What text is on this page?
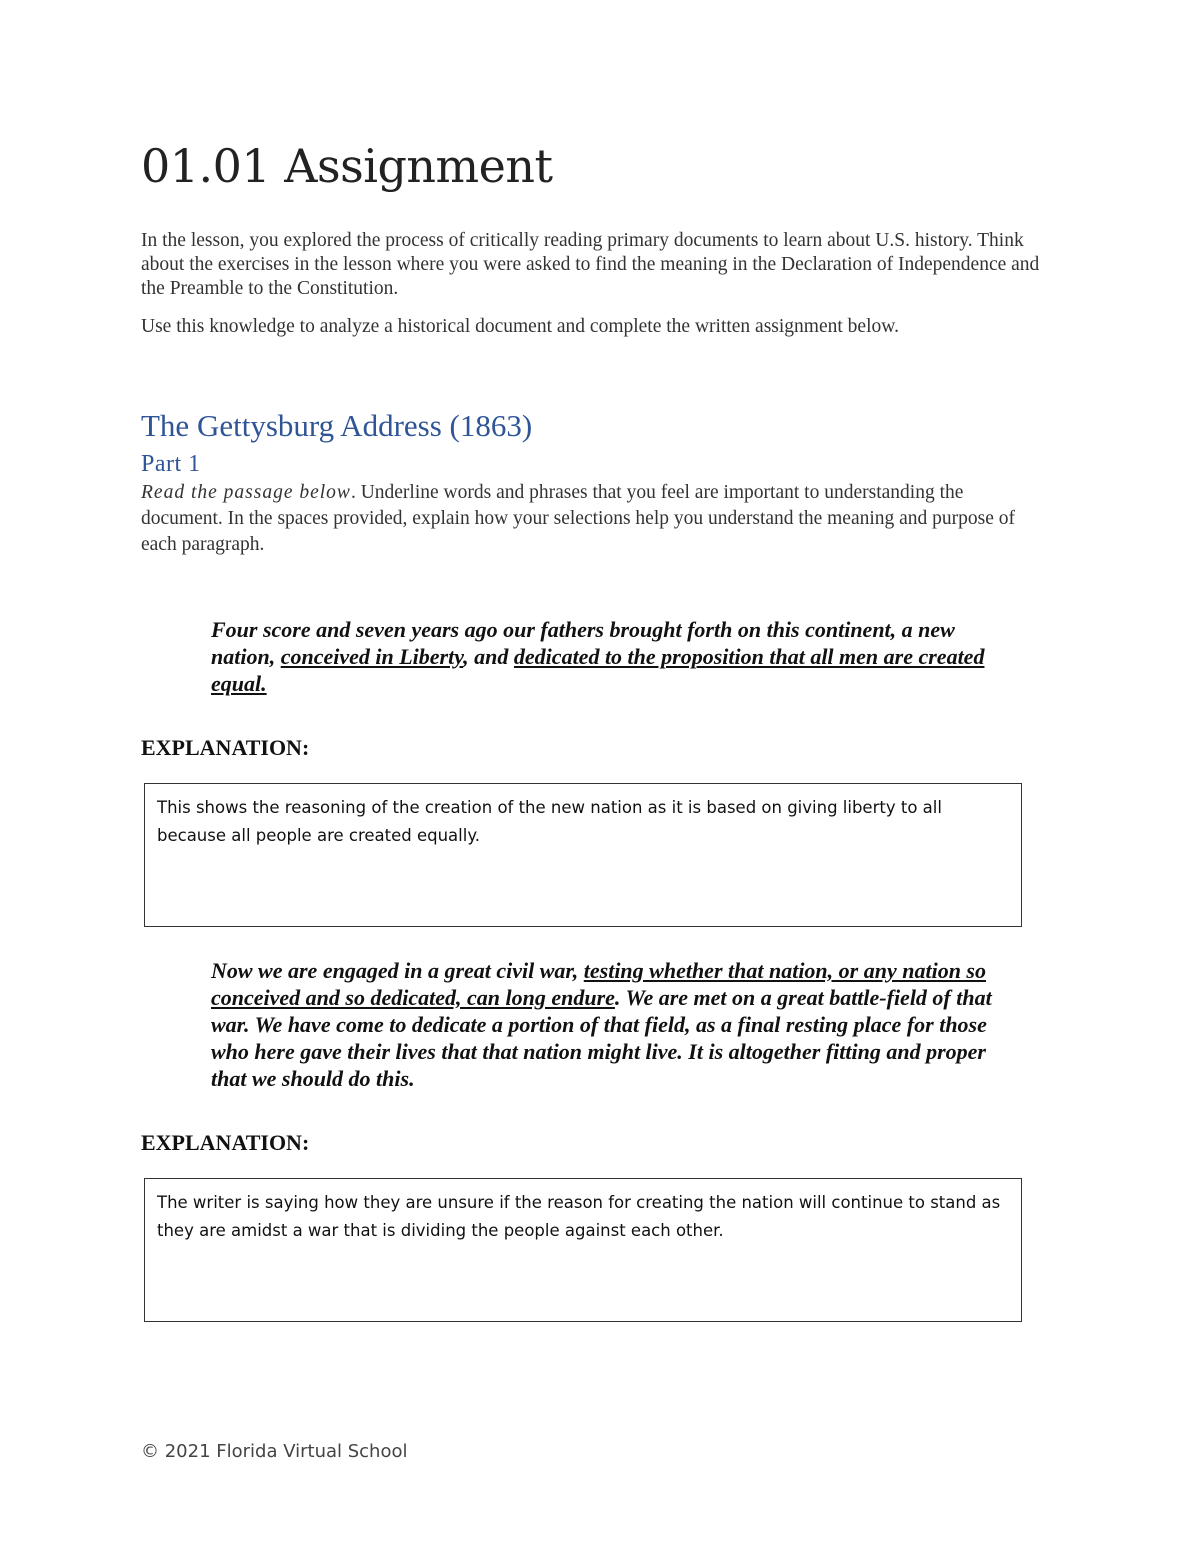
01.01 Assignment

In the lesson, you explored the process of critically reading primary documents to learn about U.S. history. Think about the exercises in the lesson where you were asked to find the meaning in the Declaration of Independence and the Preamble to the Constitution.

Use this knowledge to analyze a historical document and complete the written assignment below.

The Gettysburg Address (1863)
Part 1

Read the passage below. Underline words and phrases that you feel are important to understanding the document. In the spaces provided, explain how your selections help you understand the meaning and purpose of each paragraph.

Four score and seven years ago our fathers brought forth on this continent, a new nation, conceived in Liberty, and dedicated to the proposition that all men are created equal.

EXPLANATION:
This shows the reasoning of the creation of the new nation as it is based on giving liberty to all because all people are created equally.

Now we are engaged in a great civil war, testing whether that nation, or any nation so conceived and so dedicated, can long endure. We are met on a great battle-field of that war. We have come to dedicate a portion of that field, as a final resting place for those who here gave their lives that that nation might live. It is altogether fitting and proper that we should do this.

EXPLANATION:
The writer is saying how they are unsure if the reason for creating the nation will continue to stand as they are amidst a war that is dividing the people against each other.
© 2021 Florida Virtual School
